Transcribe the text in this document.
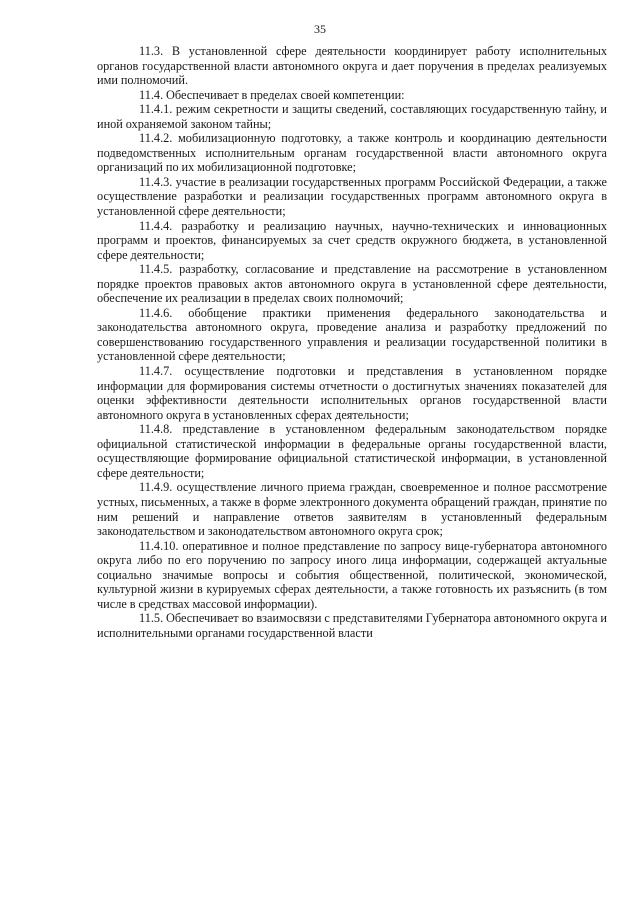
35

11.3. В установленной сфере деятельности координирует работу исполнительных органов государственной власти автономного округа и дает поручения в пределах реализуемых ими полномочий.

11.4. Обеспечивает в пределах своей компетенции:

11.4.1. режим секретности и защиты сведений, составляющих государственную тайну, и иной охраняемой законом тайны;

11.4.2. мобилизационную подготовку, а также контроль и координацию деятельности подведомственных исполнительным органам государственной власти автономного округа организаций по их мобилизационной подготовке;

11.4.3. участие в реализации государственных программ Российской Федерации, а также осуществление разработки и реализации государственных программ автономного округа в установленной сфере деятельности;

11.4.4. разработку и реализацию научных, научно-технических и инновационных программ и проектов, финансируемых за счет средств окружного бюджета, в установленной сфере деятельности;

11.4.5. разработку, согласование и представление на рассмотрение в установленном порядке проектов правовых актов автономного округа в установленной сфере деятельности, обеспечение их реализации в пределах своих полномочий;

11.4.6. обобщение практики применения федерального законодательства и законодательства автономного округа, проведение анализа и разработку предложений по совершенствованию государственного управления и реализации государственной политики в установленной сфере деятельности;

11.4.7. осуществление подготовки и представления в установленном порядке информации для формирования системы отчетности о достигнутых значениях показателей для оценки эффективности деятельности исполнительных органов государственной власти автономного округа в установленных сферах деятельности;

11.4.8. представление в установленном федеральным законодательством порядке официальной статистической информации в федеральные органы государственной власти, осуществляющие формирование официальной статистической информации, в установленной сфере деятельности;

11.4.9. осуществление личного приема граждан, своевременное и полное рассмотрение устных, письменных, а также в форме электронного документа обращений граждан, принятие по ним решений и направление ответов заявителям в установленный федеральным законодательством и законодательством автономного округа срок;

11.4.10. оперативное и полное представление по запросу вице-губернатора автономного округа либо по его поручению по запросу иного лица информации, содержащей актуальные социально значимые вопросы и события общественной, политической, экономической, культурной жизни в курируемых сферах деятельности, а также готовность их разъяснить (в том числе в средствах массовой информации).

11.5. Обеспечивает во взаимосвязи с представителями Губернатора автономного округа и исполнительными органами государственной власти
